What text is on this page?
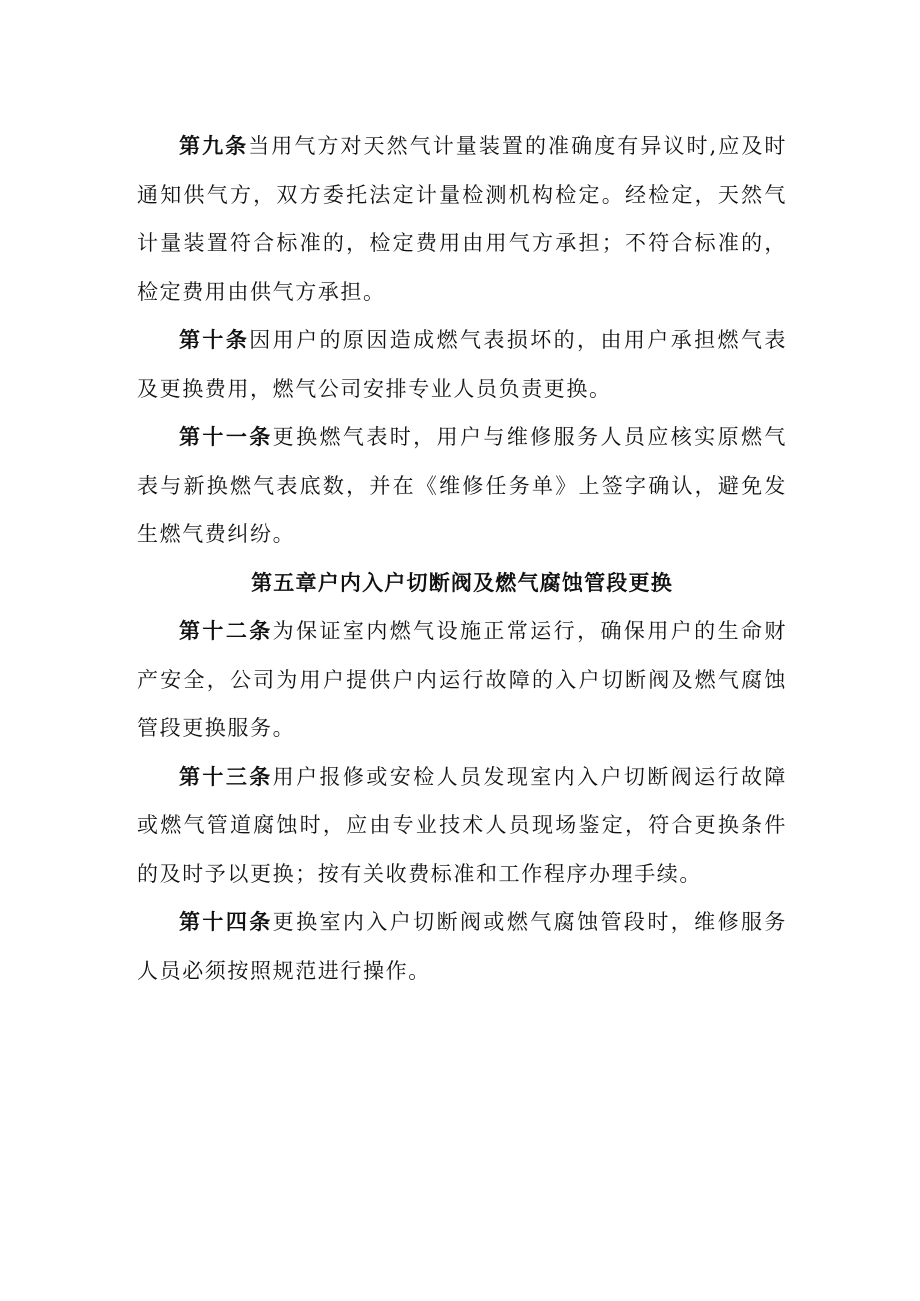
第九条当用气方对天然气计量装置的准确度有异议时,应及时通知供气方，双方委托法定计量检测机构检定。经检定，天然气计量装置符合标准的，检定费用由用气方承担；不符合标准的，检定费用由供气方承担。

第十条因用户的原因造成燃气表损坏的，由用户承担燃气表及更换费用，燃气公司安排专业人员负责更换。

第十一条更换燃气表时，用户与维修服务人员应核实原燃气表与新换燃气表底数，并在《维修任务单》上签字确认，避免发生燃气费纠纷。

第五章户内入户切断阀及燃气腐蚀管段更换

第十二条为保证室内燃气设施正常运行，确保用户的生命财产安全，公司为用户提供户内运行故障的入户切断阀及燃气腐蚀管段更换服务。

第十三条用户报修或安检人员发现室内入户切断阀运行故障或燃气管道腐蚀时，应由专业技术人员现场鉴定，符合更换条件的及时予以更换；按有关收费标准和工作程序办理手续。

第十四条更换室内入户切断阀或燃气腐蚀管段时，维修服务人员必须按照规范进行操作。
